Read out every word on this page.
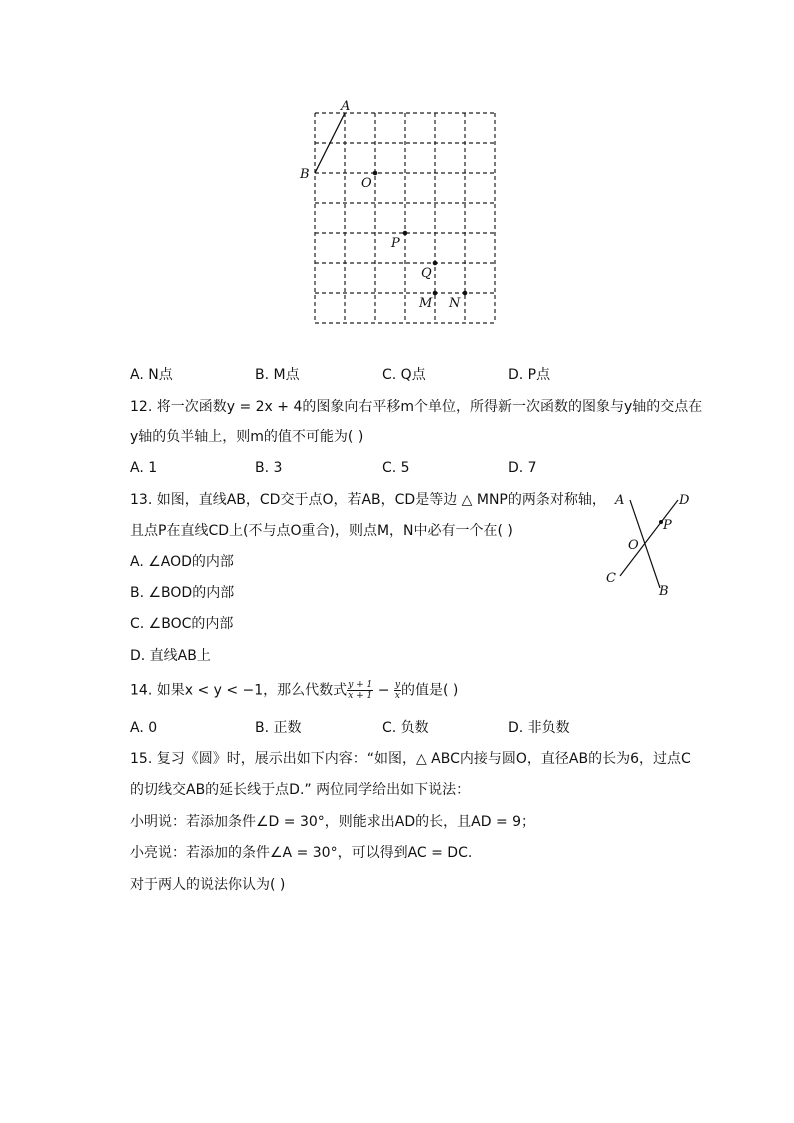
A
B
O
P
Q
M N
A. N点	B. M点	C. Q点	D. P点
12. 将一次函数y = 2x + 4的图象向右平移m个单位，所得新一次函数的图象与y轴的交点在
y轴的负半轴上，则m的值不可能为( )
A. 1	B. 3	C. 5	D. 7
13. 如图，直线AB，CD交于点O，若AB，CD是等边 △ MNP的两条对称轴，
且点P在直线CD上(不与点O重合)，则点M，N中必有一个在( )
A. ∠AOD的内部
B. ∠BOD的内部
C. ∠BOC的内部
D. 直线AB上
A	D
P
O
C
B
14. 如果x < y < −1，那么代数式 $\frac{y + 1}{x + 1} - \frac{y}{x}$ 的值是( )
A. 0	B. 正数	C. 负数	D. 非负数
15. 复习《圆》时，展示出如下内容：“如图，△ ABC内接与圆O，直径AB的长为6，过点C
的切线交AB的延长线于点D.” 两位同学给出如下说法：
小明说：若添加条件∠D = 30°，则能求出AD的长，且AD = 9；
小亮说：若添加的条件∠A = 30°，可以得到AC = DC.
对于两人的说法你认为( )
